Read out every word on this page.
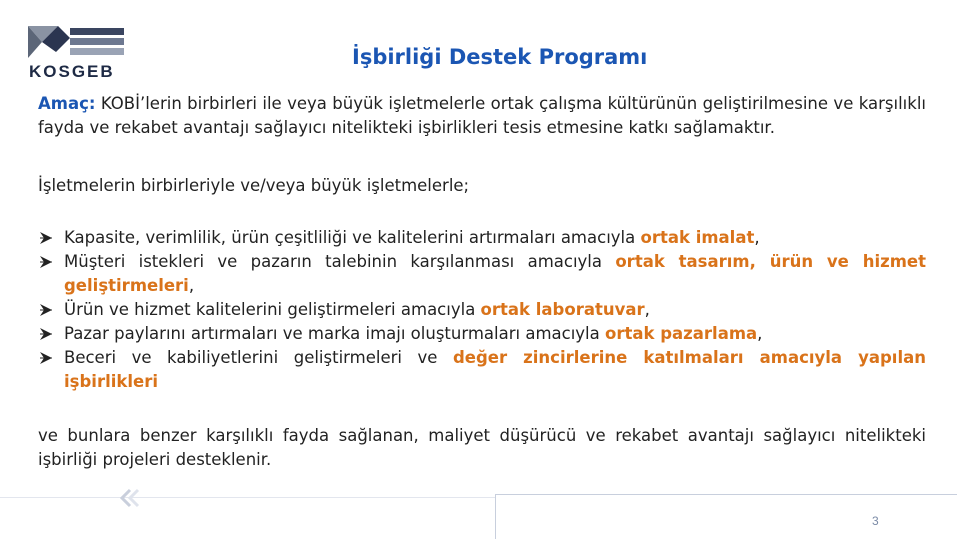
KOSGEB
İşbirliği Destek Programı

Amaç: KOBİ’lerin birbirleri ile veya büyük işletmelerle ortak çalışma kültürünün geliştirilmesine ve karşılıklı fayda ve rekabet avantajı sağlayıcı nitelikteki işbirlikleri tesis etmesine katkı sağlamaktır.

İşletmelerin birbirleriyle ve/veya büyük işletmelerle;

Kapasite, verimlilik, ürün çeşitliliği ve kalitelerini artırmaları amacıyla ortak imalat,
Müşteri istekleri ve pazarın talebinin karşılanması amacıyla ortak tasarım, ürün ve hizmet geliştirmeleri,
Ürün ve hizmet kalitelerini geliştirmeleri amacıyla ortak laboratuvar,
Pazar paylarını artırmaları ve marka imajı oluşturmaları amacıyla ortak pazarlama,
Beceri ve kabiliyetlerini geliştirmeleri ve değer zincirlerine katılmaları amacıyla yapılan işbirlikleri

ve bunlara benzer karşılıklı fayda sağlanan, maliyet düşürücü ve rekabet avantajı sağlayıcı nitelikteki işbirliği projeleri desteklenir.

3
